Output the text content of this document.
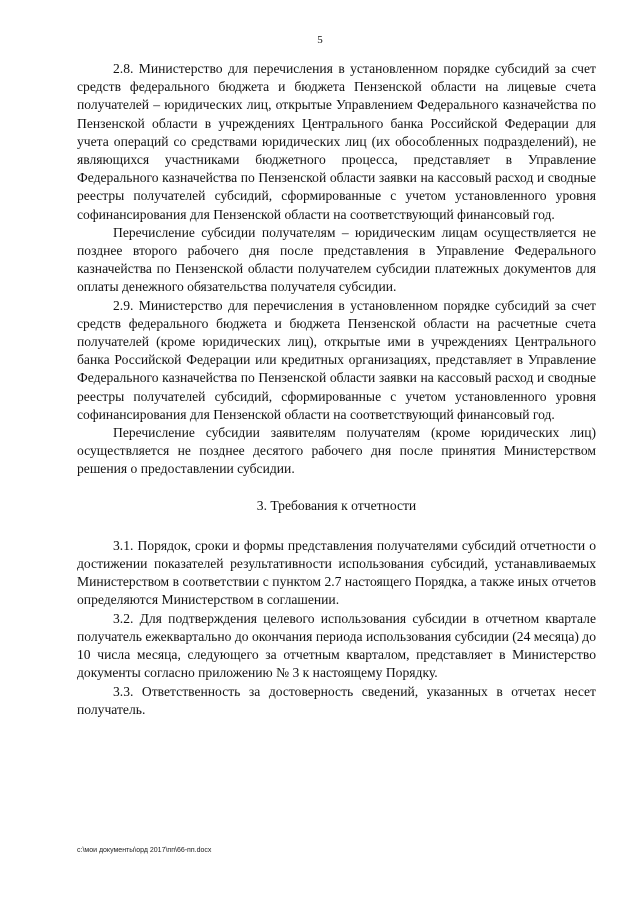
5

2.8. Министерство для перечисления в установленном порядке субсидий за счет средств федерального бюджета и бюджета Пензенской области на лицевые счета получателей – юридических лиц, открытые Управлением Федерального казначейства по Пензенской области в учреждениях Центрального банка Российской Федерации для учета операций со средствами юридических лиц (их обособленных подразделений), не являющихся участниками бюджетного процесса, представляет в Управление Федерального казначейства по Пензенской области заявки на кассовый расход и сводные реестры получателей субсидий, сформированные с учетом установленного уровня софинансирования для Пензенской области на соответствующий финансовый год.

Перечисление субсидии получателям – юридическим лицам осуществляется не позднее второго рабочего дня после представления в Управление Федерального казначейства по Пензенской области получателем субсидии платежных документов для оплаты денежного обязательства получателя субсидии.

2.9. Министерство для перечисления в установленном порядке субсидий за счет средств федерального бюджета и бюджета Пензенской области на расчетные счета получателей (кроме юридических лиц), открытые ими в учреждениях Центрального банка Российской Федерации или кредитных организациях, представляет в Управление Федерального казначейства по Пензенской области заявки на кассовый расход и сводные реестры получателей субсидий, сформированные с учетом установленного уровня софинансирования для Пензенской области на соответствующий финансовый год.

Перечисление субсидии заявителям получателям (кроме юридических лиц) осуществляется не позднее десятого рабочего дня после принятия Министерством решения о предоставлении субсидии.

3. Требования к отчетности

3.1. Порядок, сроки и формы представления получателями субсидий отчетности о достижении показателей результативности использования субсидий, устанавливаемых Министерством в соответствии с пунктом 2.7 настоящего Порядка, а также иных отчетов определяются Министерством в соглашении.

3.2. Для подтверждения целевого использования субсидии в отчетном квартале получатель ежеквартально до окончания периода использования субсидии (24 месяца) до 10 числа месяца, следующего за отчетным кварталом, представляет в Министерство документы согласно приложению № 3 к настоящему Порядку.

3.3. Ответственность за достоверность сведений, указанных в отчетах несет получатель.

c:\мои документы\орд 2017\пп\66-пп.docx
